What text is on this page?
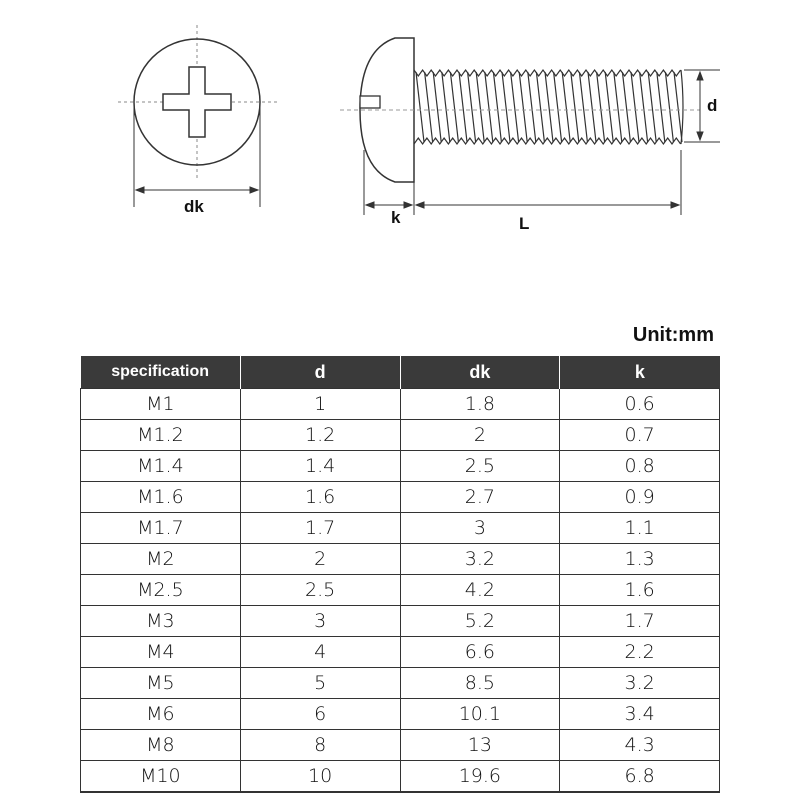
dk
k	L
d
Unit:mm
specification	d	dk	k
M1	1	1.8	0.6
M1.2	1.2	2	0.7
M1.4	1.4	2.5	0.8
M1.6	1.6	2.7	0.9
M1.7	1.7	3	1.1
M2	2	3.2	1.3
M2.5	2.5	4.2	1.6
M3	3	5.2	1.7
M4	4	6.6	2.2
M5	5	8.5	3.2
M6	6	10.1	3.4
M8	8	13	4.3
M10	10	19.6	6.8
